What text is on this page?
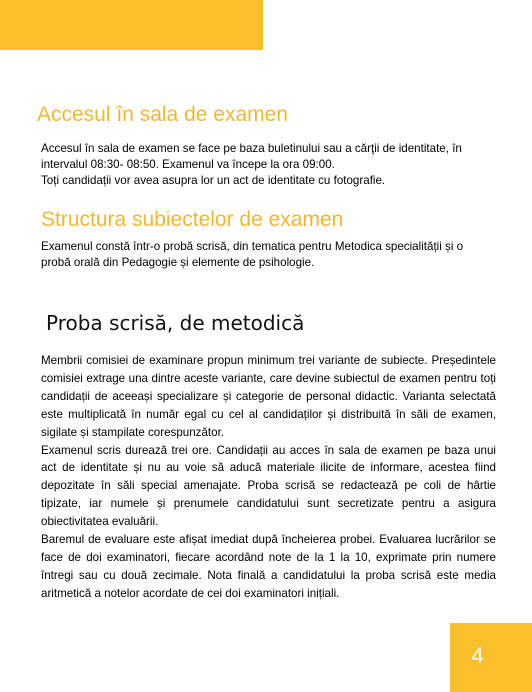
Accesul în sala de examen
Accesul în sala de examen se face pe baza buletinului sau a cărţii de identitate, în
intervalul 08:30- 08:50. Examenul va începe la ora 09:00.
Toți candidații vor avea asupra lor un act de identitate cu fotografie.
Structura subiectelor de examen
Examenul constă într-o probă scrisă, din tematica pentru Metodica specialității și o
probă orală din Pedagogie și elemente de psihologie.
Proba scrisă, de metodică

Membrii comisiei de examinare propun minimum trei variante de subiecte. Președintele comisiei extrage una dintre aceste variante, care devine subiectul de examen pentru toți candidații de aceeași specializare și categorie de personal didactic. Varianta selectată este multiplicată în număr egal cu cel al candidaților și distribuită în săli de examen, sigilate și stampilate corespunzător.

Examenul scris durează trei ore. Candidații au acces în sala de examen pe baza unui act de identitate și nu au voie să aducă materiale ilicite de informare, acestea fiind depozitate în săli special amenajate. Proba scrisă se redactează pe coli de hârtie tipizate, iar numele și prenumele candidatului sunt secretizate pentru a asigura obiectivitatea evaluării.

Baremul de evaluare este afișat imediat după încheierea probei. Evaluarea lucrărilor se face de doi examinatori, fiecare acordând note de la 1 la 10, exprimate prin numere întregi sau cu două zecimale. Nota finală a candidatului la proba scrisă este media aritmetică a notelor acordate de cei doi examinatori inițiali.

4
